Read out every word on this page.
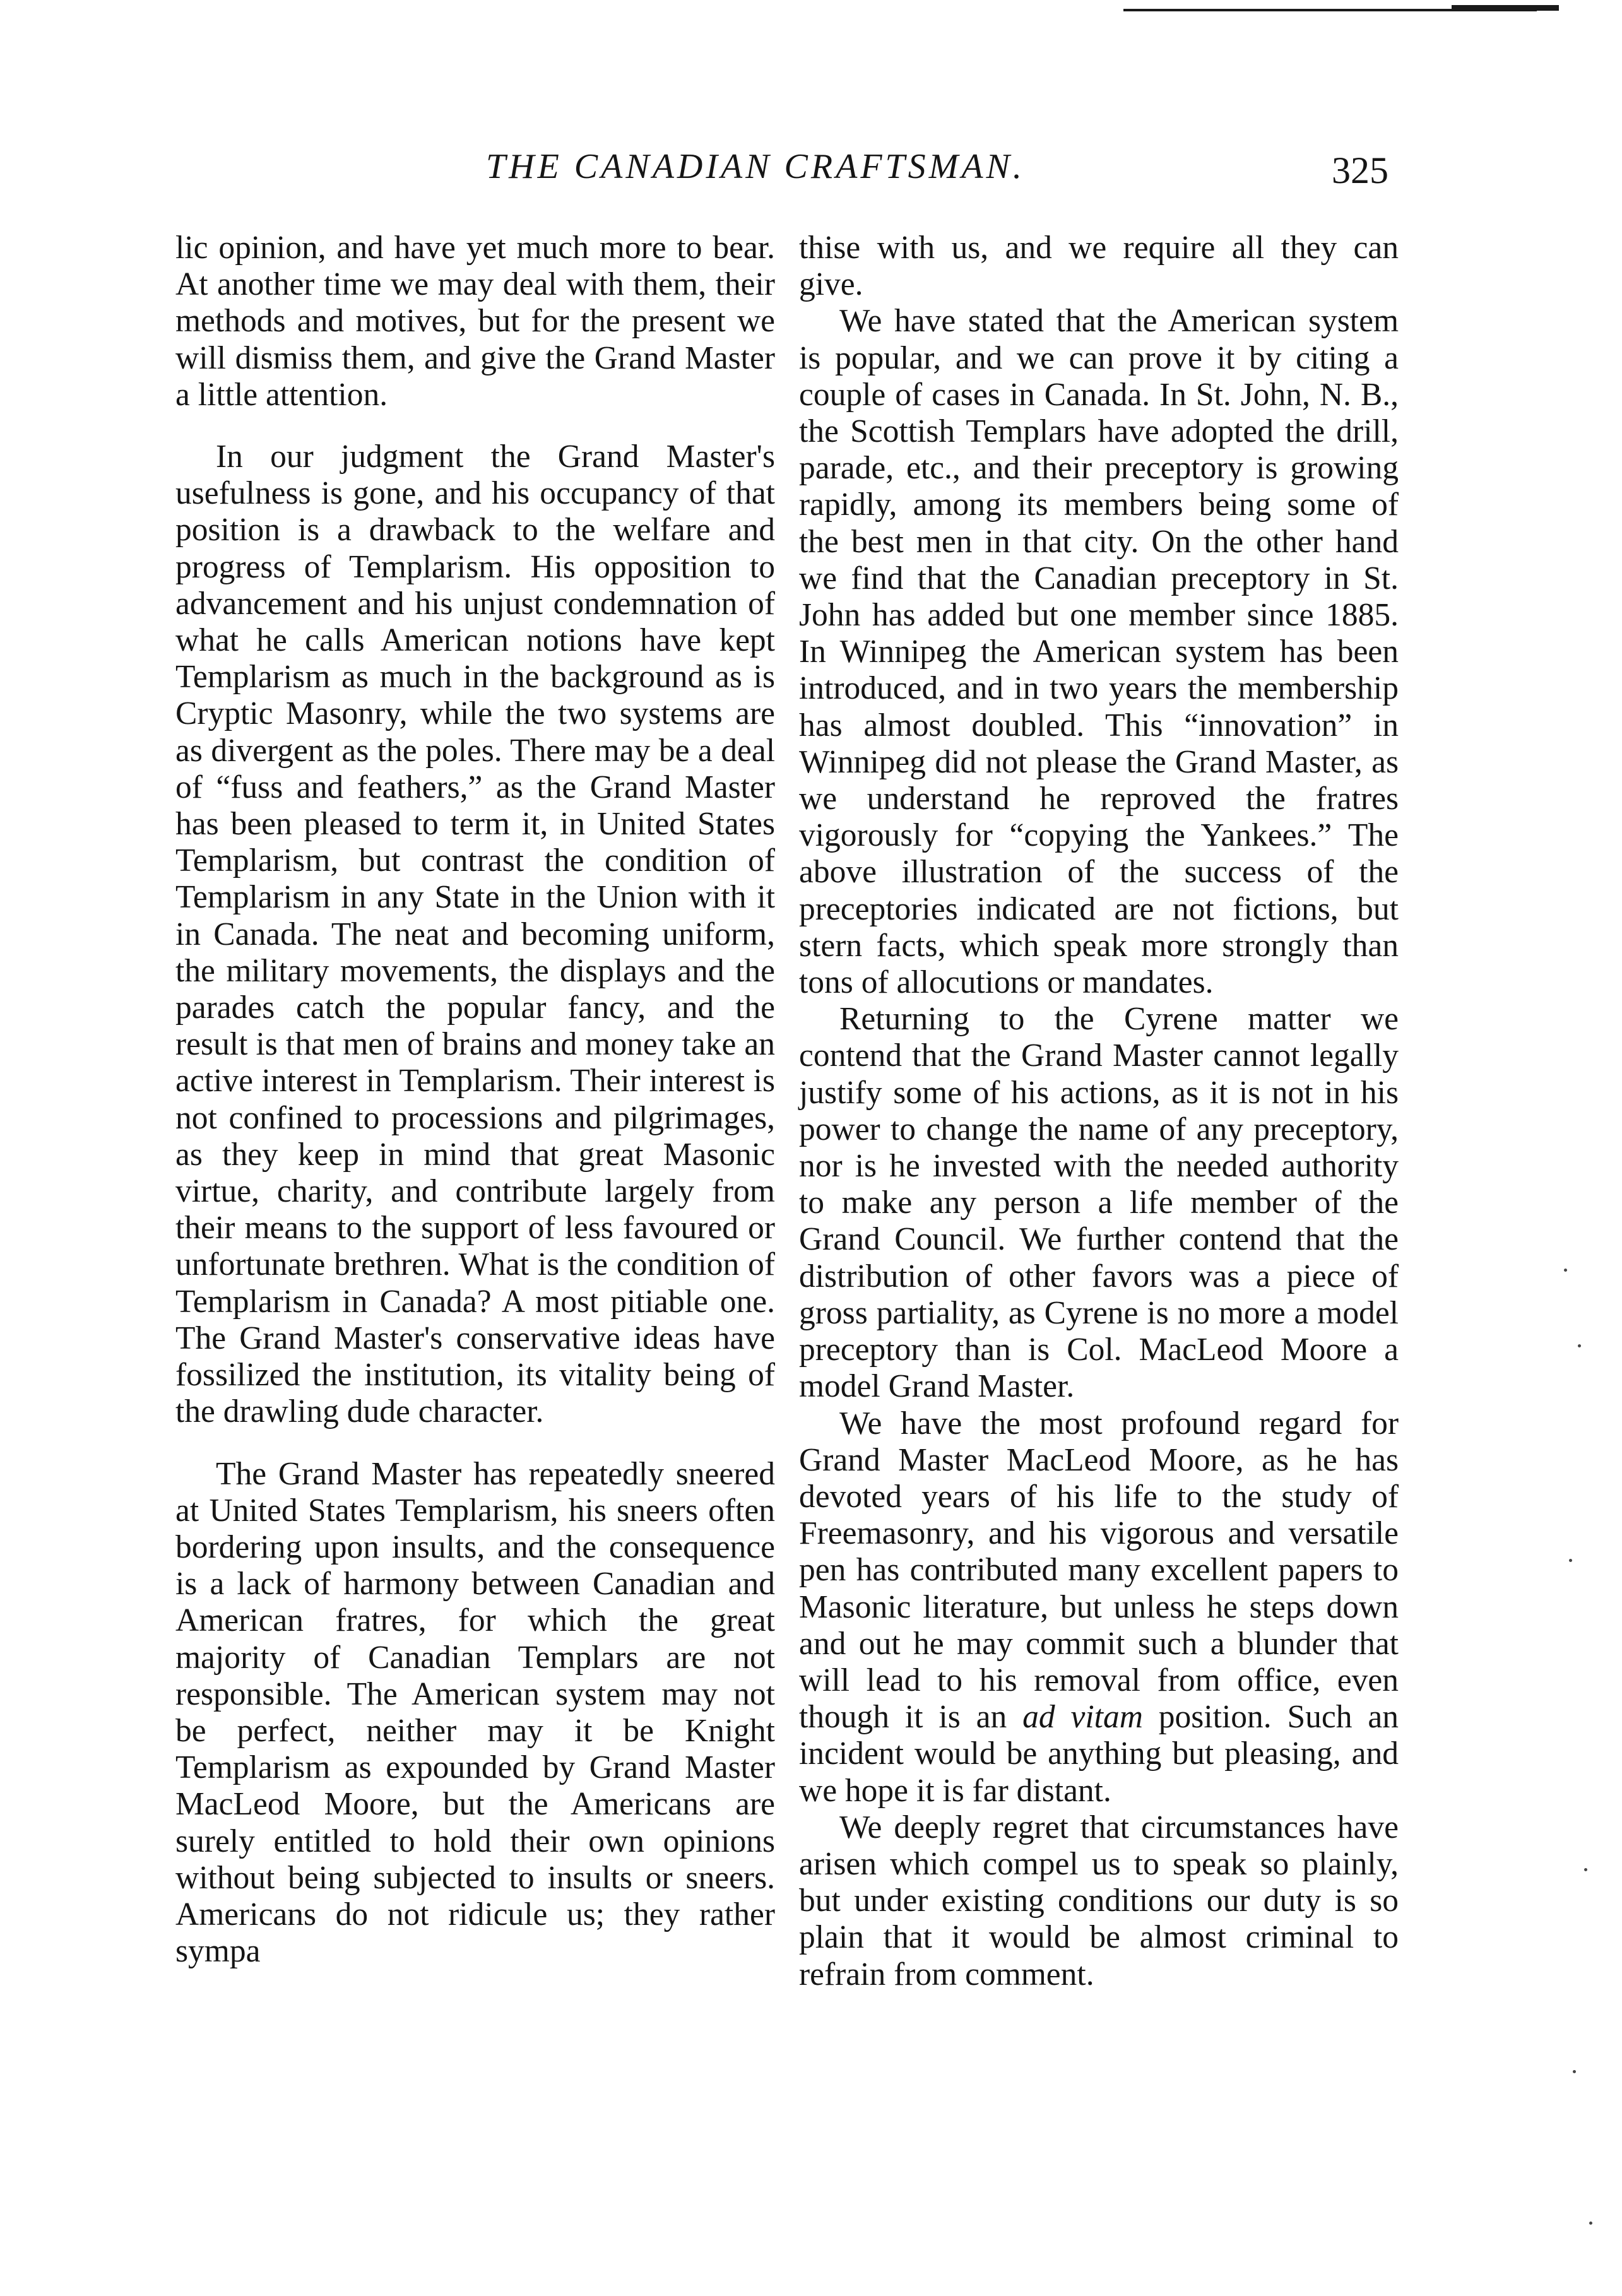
THE CANADIAN CRAFTSMAN.	325

lic opinion, and have yet much more to bear. At another time we may deal with them, their methods and motives, but for the present we will dismiss them, and give the Grand Master a little attention.

In our judgment the Grand Master's usefulness is gone, and his occupancy of that position is a drawback to the welfare and progress of Templarism. His opposition to advancement and his unjust condemnation of what he calls American notions have kept Templarism as much in the background as is Cryptic Masonry, while the two systems are as divergent as the poles. There may be a deal of “fuss and feathers,” as the Grand Master has been pleased to term it, in United States Templarism, but contrast the condition of Templarism in any State in the Union with it in Canada. The neat and becoming uniform, the military movements, the displays and the parades catch the popular fancy, and the result is that men of brains and money take an active interest in Templarism. Their interest is not confined to processions and pilgrimages, as they keep in mind that great Masonic virtue, charity, and contribute largely from their means to the support of less favoured or unfortunate brethren. What is the condition of Templarism in Canada? A most pitiable one. The Grand Master's conservative ideas have fossilized the institution, its vitality being of the drawling dude character.

The Grand Master has repeatedly sneered at United States Templarism, his sneers often bordering upon insults, and the consequence is a lack of harmony between Canadian and American fratres, for which the great majority of Canadian Templars are not responsible. The American system may not be perfect, neither may it be Knight Templarism as expounded by Grand Master MacLeod Moore, but the Americans are surely entitled to hold their own opinions without being subjected to insults or sneers. Americans do not ridicule us; they rather sympa

thise with us, and we require all they can give.

We have stated that the American system is popular, and we can prove it by citing a couple of cases in Canada. In St. John, N. B., the Scottish Templars have adopted the drill, parade, etc., and their preceptory is growing rapidly, among its members being some of the best men in that city. On the other hand we find that the Canadian preceptory in St. John has added but one member since 1885. In Winnipeg the American system has been introduced, and in two years the membership has almost doubled. This “innovation” in Winnipeg did not please the Grand Master, as we understand he reproved the fratres vigorously for “copying the Yankees.” The above illustration of the success of the preceptories indicated are not fictions, but stern facts, which speak more strongly than tons of allocutions or mandates.

Returning to the Cyrene matter we contend that the Grand Master cannot legally justify some of his actions, as it is not in his power to change the name of any preceptory, nor is he invested with the needed authority to make any person a life member of the Grand Council. We further contend that the distribution of other favors was a piece of gross partiality, as Cyrene is no more a model preceptory than is Col. MacLeod Moore a model Grand Master.

We have the most profound regard for Grand Master MacLeod Moore, as he has devoted years of his life to the study of Freemasonry, and his vigorous and versatile pen has contributed many excellent papers to Masonic literature, but unless he steps down and out he may commit such a blunder that will lead to his removal from office, even though it is an ad vitam position. Such an incident would be anything but pleasing, and we hope it is far distant.

We deeply regret that circumstances have arisen which compel us to speak so plainly, but under existing conditions our duty is so plain that it would be almost criminal to refrain from comment.
